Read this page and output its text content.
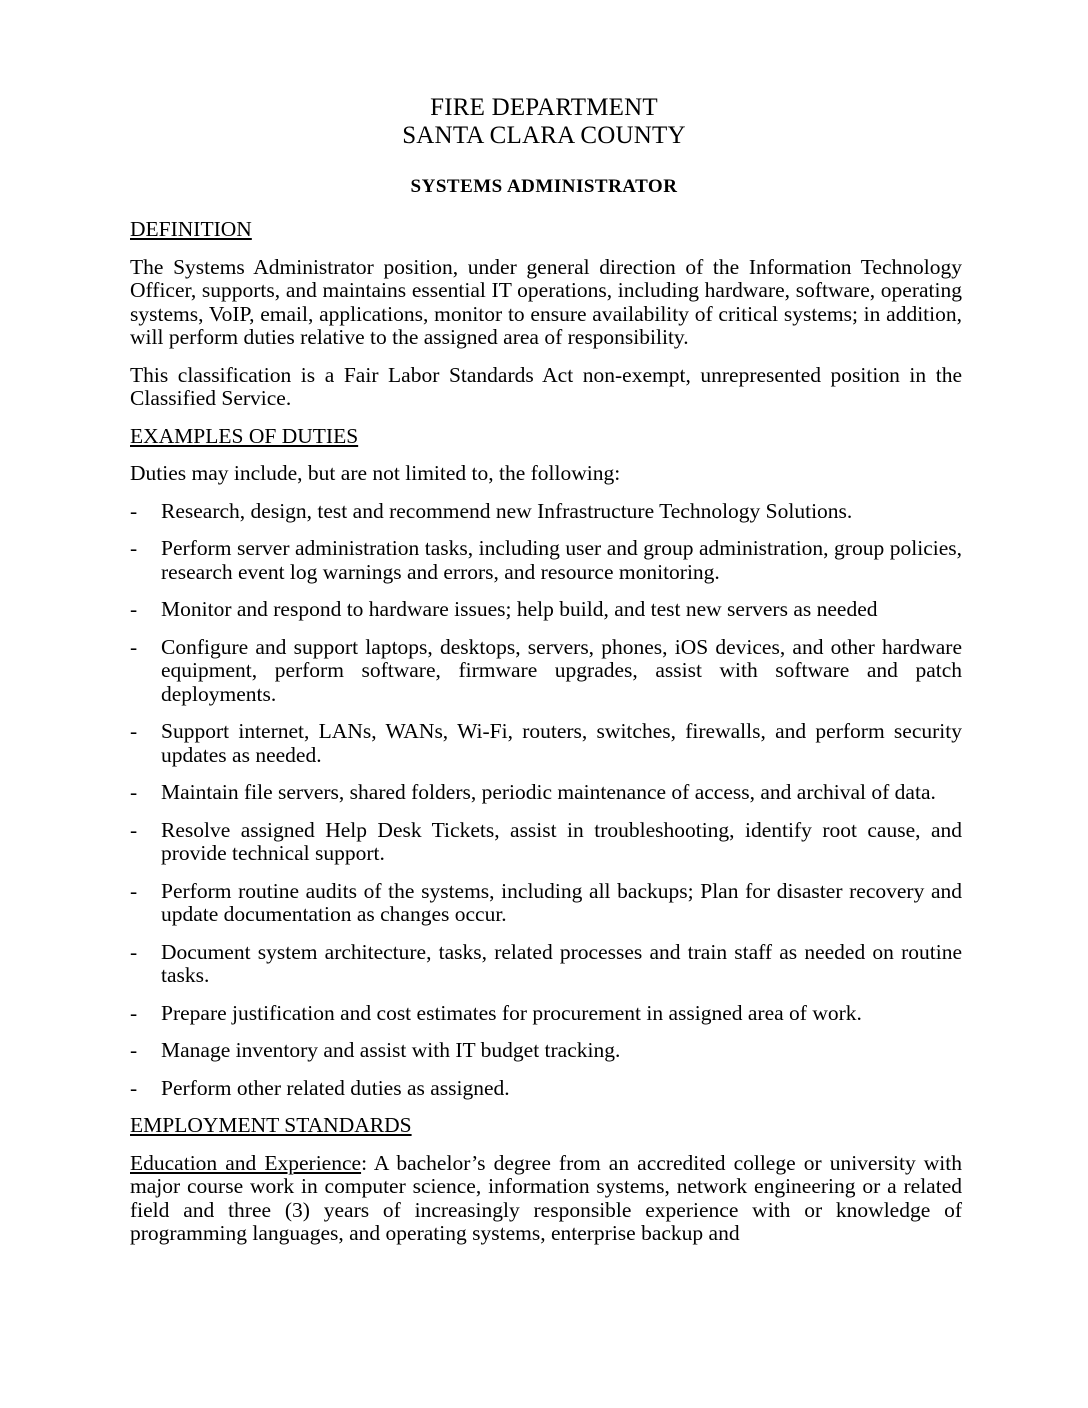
FIRE DEPARTMENT
SANTA CLARA COUNTY
SYSTEMS ADMINISTRATOR
DEFINITION

The Systems Administrator position, under general direction of the Information Technology Officer, supports, and maintains essential IT operations, including hardware, software, operating systems, VoIP, email, applications, monitor to ensure availability of critical systems; in addition, will perform duties relative to the assigned area of responsibility.

This classification is a Fair Labor Standards Act non-exempt, unrepresented position in the Classified Service.

EXAMPLES OF DUTIES

Duties may include, but are not limited to, the following:

- Research, design, test and recommend new Infrastructure Technology Solutions.
- Perform server administration tasks, including user and group administration, group policies, research event log warnings and errors, and resource monitoring.
- Monitor and respond to hardware issues; help build, and test new servers as needed
- Configure and support laptops, desktops, servers, phones, iOS devices, and other hardware equipment, perform software, firmware upgrades, assist with software and patch deployments.
- Support internet, LANs, WANs, Wi-Fi, routers, switches, firewalls, and perform security updates as needed.
- Maintain file servers, shared folders, periodic maintenance of access, and archival of data.
- Resolve assigned Help Desk Tickets, assist in troubleshooting, identify root cause, and provide technical support.
- Perform routine audits of the systems, including all backups; Plan for disaster recovery and update documentation as changes occur.
- Document system architecture, tasks, related processes and train staff as needed on routine tasks.
- Prepare justification and cost estimates for procurement in assigned area of work.
- Manage inventory and assist with IT budget tracking.
- Perform other related duties as assigned.
EMPLOYMENT STANDARDS

Education and Experience: A bachelor’s degree from an accredited college or university with major course work in computer science, information systems, network engineering or a related field and three (3) years of increasingly responsible experience with or knowledge of programming languages, and operating systems, enterprise backup and
